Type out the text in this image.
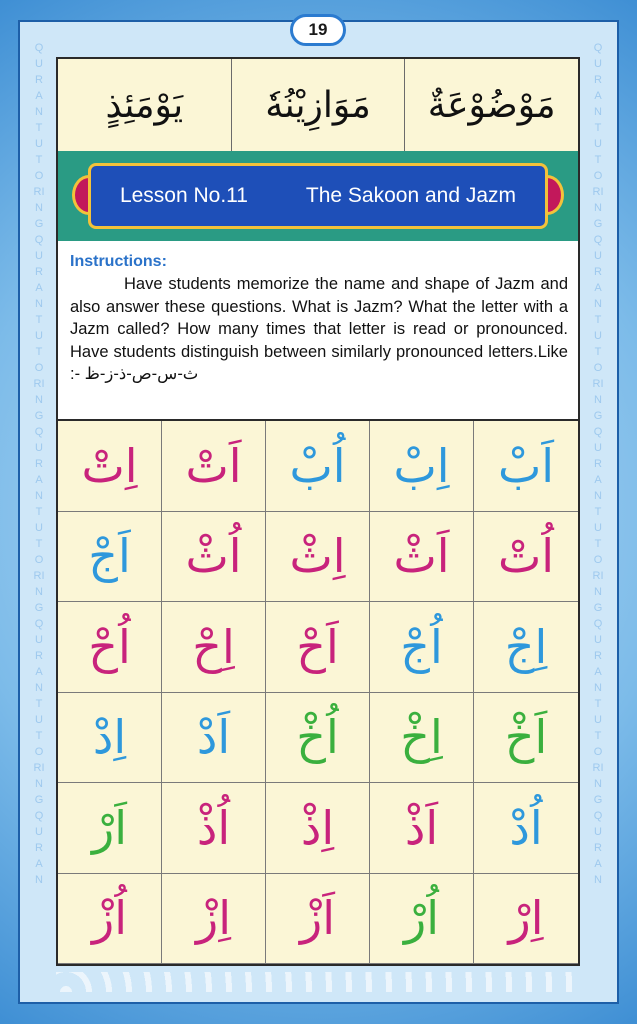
QURANTUTORINGQURANTUTORINGQURANTUTORINGQURANTUTORINGQURAN
QURANTUTORINGQURANTUTORINGQURANTUTORINGQURANTUTORINGQURAN
19
يَوْمَئِذٍ	مَوَازِيْنُهٗ	مَوْضُوْعَةٌ
Lesson No.11	The Sakoon and Jazm
Instructions:
Have students memorize the name and shape of Jazm and also answer these questions. What is Jazm? What the letter with a Jazm called? How many times that letter is read or pronounced. Have students distinguish between similarly pronounced letters.Like :- ث-س-ص-ذ-ز-ظ
اِتْ	اَتْ	اُبْ	اِبْ	اَبْ
اَجْ	اُثْ	اِثْ	اَثْ	اُتْ
اُحْ	اِحْ	اَحْ	اُجْ	اِجْ
اِدْ	اَدْ	اُخْ	اِخْ	اَخْ
اَرْ	اُذْ	اِذْ	اَذْ	اُدْ
اُزْ	اِزْ	اَزْ	اُرْ	اِرْ
